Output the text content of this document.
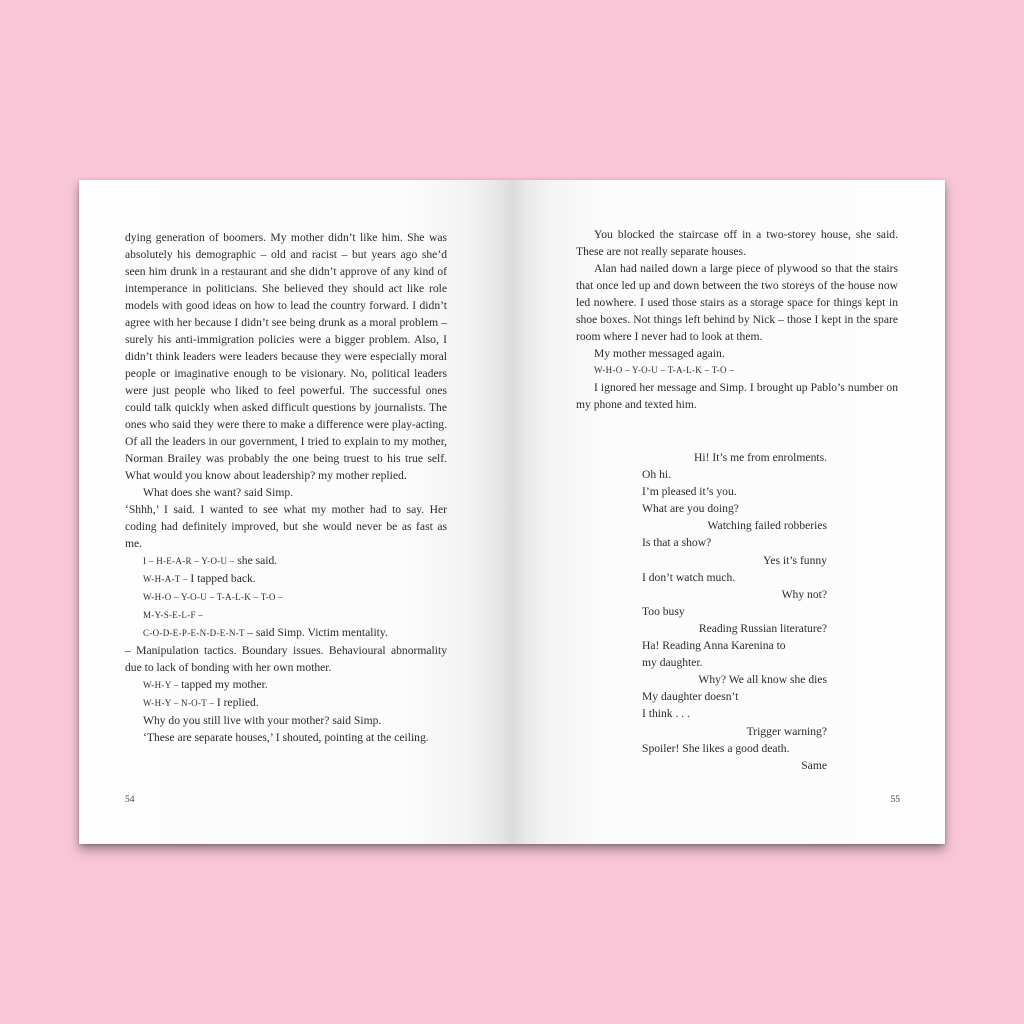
dying generation of boomers. My mother didn’t like him. She was absolutely his demographic – old and racist – but years ago she’d seen him drunk in a restaurant and she didn’t approve of any kind of intemperance in politicians. She believed they should act like role models with good ideas on how to lead the country forward. I didn’t agree with her because I didn’t see being drunk as a moral problem – surely his anti-immigration policies were a bigger problem. Also, I didn’t think leaders were leaders because they were especially moral people or imaginative enough to be visionary. No, political leaders were just people who liked to feel powerful. The successful ones could talk quickly when asked difficult questions by journalists. The ones who said they were there to make a difference were play-acting. Of all the leaders in our government, I tried to explain to my mother, Norman Brailey was probably the one being truest to his true self. What would you know about leadership? my mother replied.

What does she want? said Simp.

‘Shhh,’ I said. I wanted to see what my mother had to say. Her coding had definitely improved, but she would never be as fast as me.

I – H-E-A-R – Y-O-U – she said.

W-H-A-T – I tapped back.

W-H-O – Y-O-U – T-A-L-K – T-O –

M-Y-S-E-L-F –

C-O-D-E-P-E-N-D-E-N-T – said Simp. Victim mentality.

– Manipulation tactics. Boundary issues. Behavioural abnormality due to lack of bonding with her own mother.

W-H-Y – tapped my mother.

W-H-Y – N-O-T – I replied.

Why do you still live with your mother? said Simp.

‘These are separate houses,’ I shouted, pointing at the ceiling.

54

You blocked the staircase off in a two-storey house, she said. These are not really separate houses.

Alan had nailed down a large piece of plywood so that the stairs that once led up and down between the two storeys of the house now led nowhere. I used those stairs as a storage space for things kept in shoe boxes. Not things left behind by Nick – those I kept in the spare room where I never had to look at them.

My mother messaged again.

W-H-O – Y-O-U – T-A-L-K – T-O –

I ignored her message and Simp. I brought up Pablo’s number on my phone and texted him.

Hi! It’s me from enrolments.
Oh hi.
I’m pleased it’s you.
What are you doing?
Watching failed robberies
Is that a show?
Yes it’s funny
I don’t watch much.
Why not?
Too busy
Reading Russian literature?
Ha! Reading Anna Karenina to
my daughter.
Why? We all know she dies
My daughter doesn’t
I think . . .
Trigger warning?
Spoiler! She likes a good death.
Same
55
